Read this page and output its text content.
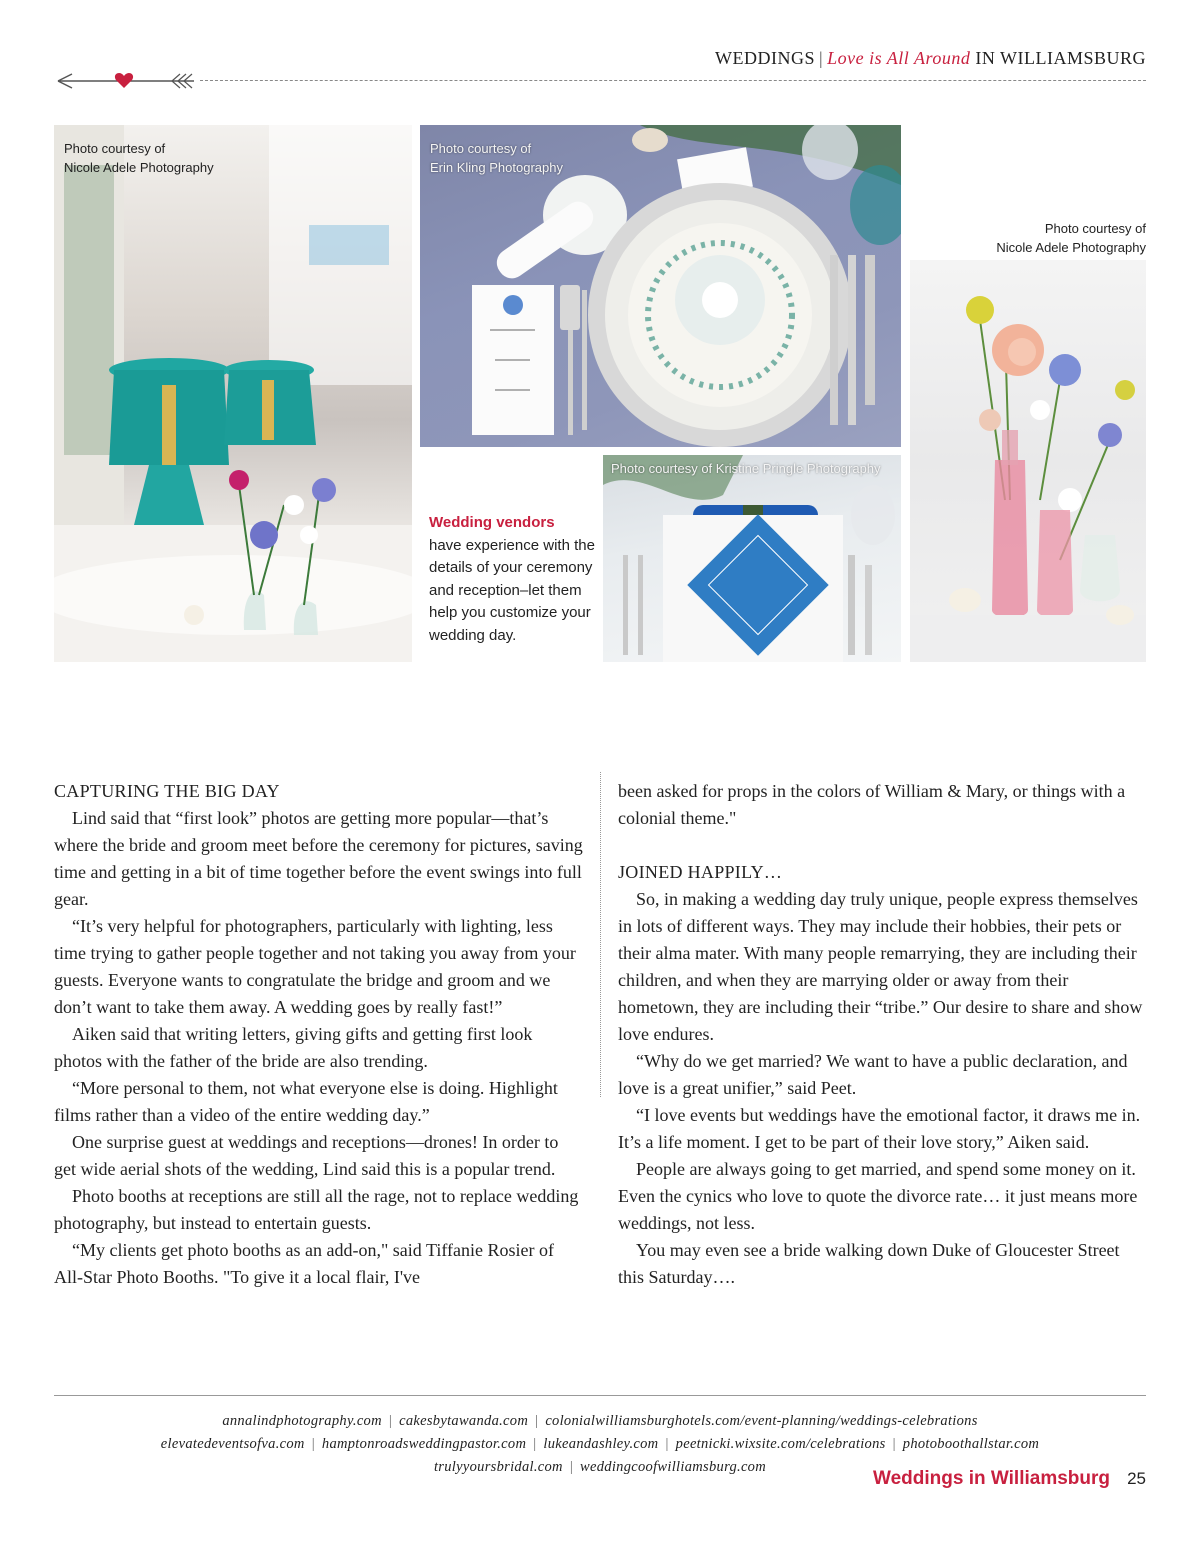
WEDDINGS | Love is All Around IN WILLIAMSBURG
Photo courtesy of
Nicole Adele Photography
Photo courtesy of
Erin Kling Photography
Wedding vendors
have experience with the details of your ceremony and reception–let them help you customize your wedding day.
Photo courtesy of Kristine Pringle Photography
Photo courtesy of
Nicole Adele Photography

CAPTURING THE BIG DAY

Lind said that “first look” photos are getting more popular—that’s where the bride and groom meet before the ceremony for pictures, saving time and getting in a bit of time together before the event swings into full gear.

“It’s very helpful for photographers, particularly with lighting, less time trying to gather people together and not taking you away from your guests. Everyone wants to congratulate the bridge and groom and we don’t want to take them away. A wedding goes by really fast!”

Aiken said that writing letters, giving gifts and getting first look photos with the father of the bride are also trending.

“More personal to them, not what everyone else is doing. Highlight films rather than a video of the entire wedding day.”

One surprise guest at weddings and receptions—drones! In order to get wide aerial shots of the wedding, Lind said this is a popular trend.

Photo booths at receptions are still all the rage, not to replace wedding photography, but instead to entertain guests.

“My clients get photo booths as an add-on," said Tiffanie Rosier of All-Star Photo Booths. "To give it a local flair, I've

been asked for props in the colors of William & Mary, or things with a colonial theme."

JOINED HAPPILY…

So, in making a wedding day truly unique, people express themselves in lots of different ways. They may include their hobbies, their pets or their alma mater. With many people remarrying, they are including their children, and when they are marrying older or away from their hometown, they are including their “tribe.” Our desire to share and show love endures.

“Why do we get married? We want to have a public declaration, and love is a great unifier,” said Peet.

“I love events but weddings have the emotional factor, it draws me in. It’s a life moment. I get to be part of their love story,” Aiken said.

People are always going to get married, and spend some money on it. Even the cynics who love to quote the divorce rate… it just means more weddings, not less.

You may even see a bride walking down Duke of Gloucester Street this Saturday….

annalindphotography.com | cakesbytawanda.com | colonialwilliamsburghotels.com/event-planning/weddings-celebrations
elevatedeventsofva.com | hamptonroadsweddingpastor.com | lukeandashley.com | peetnicki.wixsite.com/celebrations | photoboothallstar.com
trulyyoursbridal.com | weddingcoofwilliamsburg.com
Weddings in Williamsburg 25
